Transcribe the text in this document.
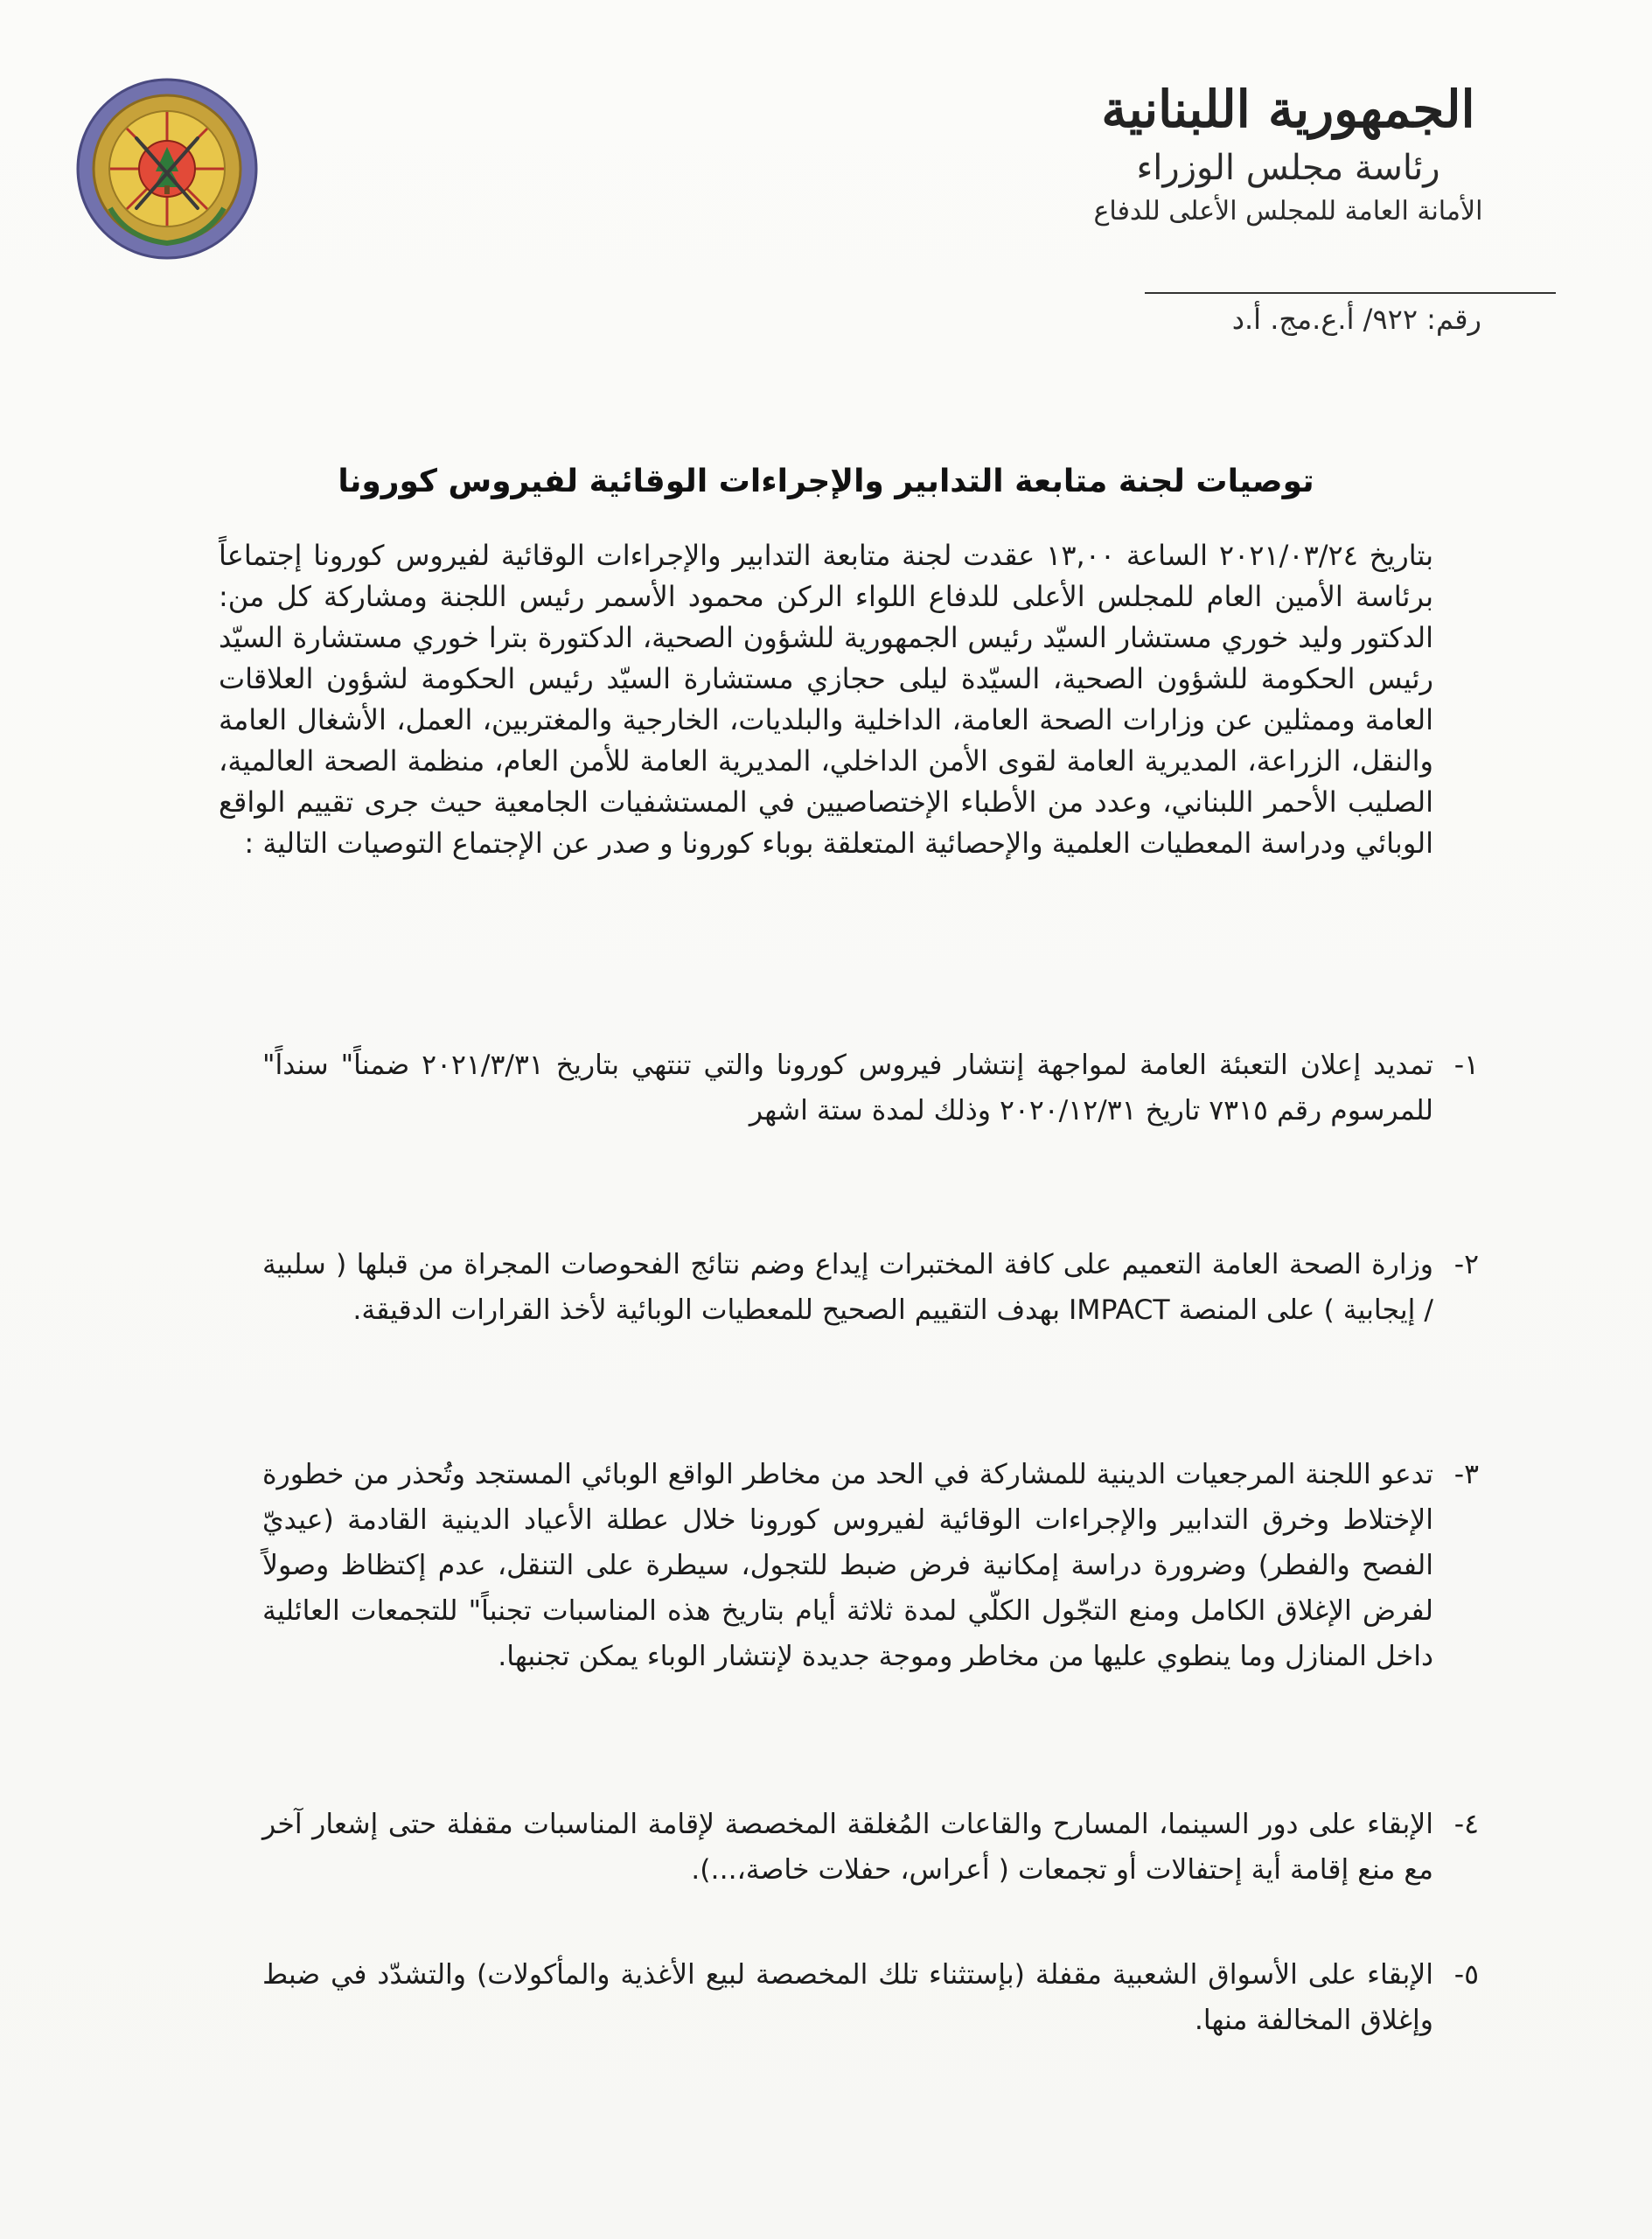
الجمهورية اللبنانية
رئاسة مجلس الوزراء
الأمانة العامة للمجلس الأعلى للدفاع
رقم: ٩٢٢/ أ.ع.مج. أ.د
توصيات لجنة متابعة التدابير والإجراءات الوقائية لفيروس كورونا
بتاريخ ٢٠٢١/٠٣/٢٤ الساعة ١٣,٠٠ عقدت لجنة متابعة التدابير والإجراءات الوقائية لفيروس كورونا إجتماعاً برئاسة الأمين العام للمجلس الأعلى للدفاع اللواء الركن محمود الأسمر رئيس اللجنة ومشاركة كل من: الدكتور وليد خوري مستشار السيّد رئيس الجمهورية للشؤون الصحية، الدكتورة بترا خوري مستشارة السيّد رئيس الحكومة للشؤون الصحية، السيّدة ليلى حجازي مستشارة السيّد رئيس الحكومة لشؤون العلاقات العامة وممثلين عن وزارات الصحة العامة، الداخلية والبلديات، الخارجية والمغتربين، العمل، الأشغال العامة والنقل، الزراعة، المديرية العامة لقوى الأمن الداخلي، المديرية العامة للأمن العام، منظمة الصحة العالمية، الصليب الأحمر اللبناني، وعدد من الأطباء الإختصاصيين في المستشفيات الجامعية حيث جرى تقييم الواقع الوبائي ودراسة المعطيات العلمية والإحصائية المتعلقة بوباء كورونا و صدر عن الإجتماع التوصيات التالية :
١-
تمديد إعلان التعبئة العامة لمواجهة إنتشار فيروس كورونا والتي تنتهي بتاريخ ٢٠٢١/٣/٣١ ضمناً" سنداً" للمرسوم رقم ٧٣١٥ تاريخ ٢٠٢٠/١٢/٣١ وذلك لمدة ستة اشهر
٢-
وزارة الصحة العامة التعميم على كافة المختبرات إيداع وضم نتائج الفحوصات المجراة من قبلها ( سلبية / إيجابية ) على المنصة IMPACT بهدف التقييم الصحيح للمعطيات الوبائية لأخذ القرارات الدقيقة.
٣-
تدعو اللجنة المرجعيات الدينية للمشاركة في الحد من مخاطر الواقع الوبائي المستجد وتُحذر من خطورة الإختلاط وخرق التدابير والإجراءات الوقائية لفيروس كورونا خلال عطلة الأعياد الدينية القادمة (عيديّ الفصح والفطر) وضرورة دراسة إمكانية فرض ضبط للتجول، سيطرة على التنقل، عدم إكتظاظ وصولاً لفرض الإغلاق الكامل ومنع التجّول الكلّي لمدة ثلاثة أيام بتاريخ هذه المناسبات تجنباً" للتجمعات العائلية داخل المنازل وما ينطوي عليها من مخاطر وموجة جديدة لإنتشار الوباء يمكن تجنبها.
٤-
الإبقاء على دور السينما، المسارح والقاعات المُغلقة المخصصة لإقامة المناسبات مقفلة حتى إشعار آخر مع منع إقامة أية إحتفالات أو تجمعات ( أعراس، حفلات خاصة،...).
٥-
الإبقاء على الأسواق الشعبية مقفلة (بإستثناء تلك المخصصة لبيع الأغذية والمأكولات) والتشدّد في ضبط وإغلاق المخالفة منها.
